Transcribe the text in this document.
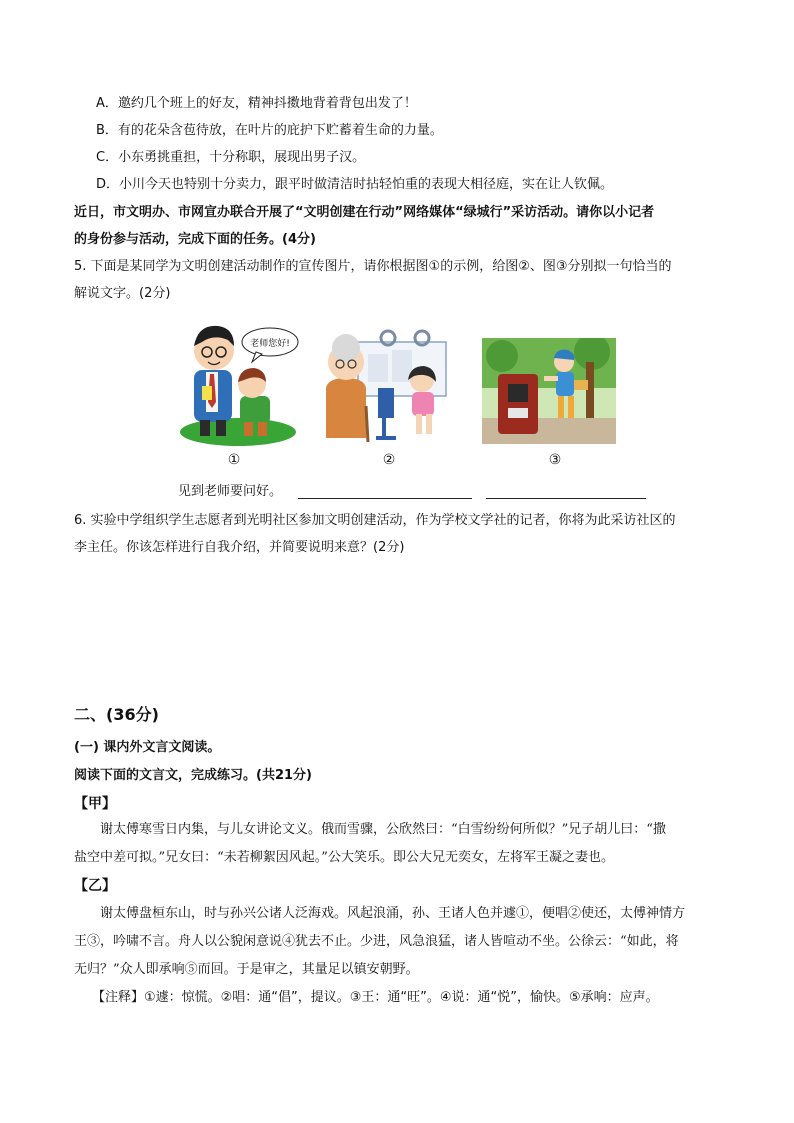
A．邀约几个班上的好友，精神抖擞地背着背包出发了！
B．有的花朵含苞待放，在叶片的庇护下贮蓄着生命的力量。
C．小东勇挑重担，十分称职，展现出男子汉。
D．小川今天也特别十分卖力，跟平时做清洁时拈轻怕重的表现大相径庭，实在让人钦佩。
近日，市文明办、市网宣办联合开展了“文明创建在行动”网络媒体“绿城行”采访活动。请你以小记者
的身份参与活动，完成下面的任务。(4分)
5. 下面是某同学为文明创建活动制作的宣传图片，请你根据图①的示例，给图②、图③分别拟一句恰当的
解说文字。(2分)
老师您好!
①	②	③
见到老师要问好。
6. 实验中学组织学生志愿者到光明社区参加文明创建活动，作为学校文学社的记者，你将为此采访社区的
李主任。你该怎样进行自我介绍，并简要说明来意？(2分)
二、(36分)
(一) 课内外文言文阅读。
阅读下面的文言文，完成练习。(共21分)
【甲】
谢太傅寒雪日内集，与儿女讲论文义。俄而雪骤，公欣然曰：“白雪纷纷何所似？”兄子胡儿曰：“撒
盐空中差可拟。”兄女曰：“未若柳絮因风起。”公大笑乐。即公大兄无奕女，左将军王凝之妻也。
【乙】
谢太傅盘桓东山，时与孙兴公诸人泛海戏。风起浪涌，孙、王诸人色并遽①，便唱②使还，太傅神情方
王③，吟啸不言。舟人以公貌闲意说④犹去不止。少进，风急浪猛，诸人皆喧动不坐。公徐云：“如此，将
无归？”众人即承响⑤而回。于是审之，其量足以镇安朝野。
【注释】①遽：惊慌。②唱：通“倡”，提议。③王：通“旺”。④说：通“悦”，愉快。⑤承响：应声。
